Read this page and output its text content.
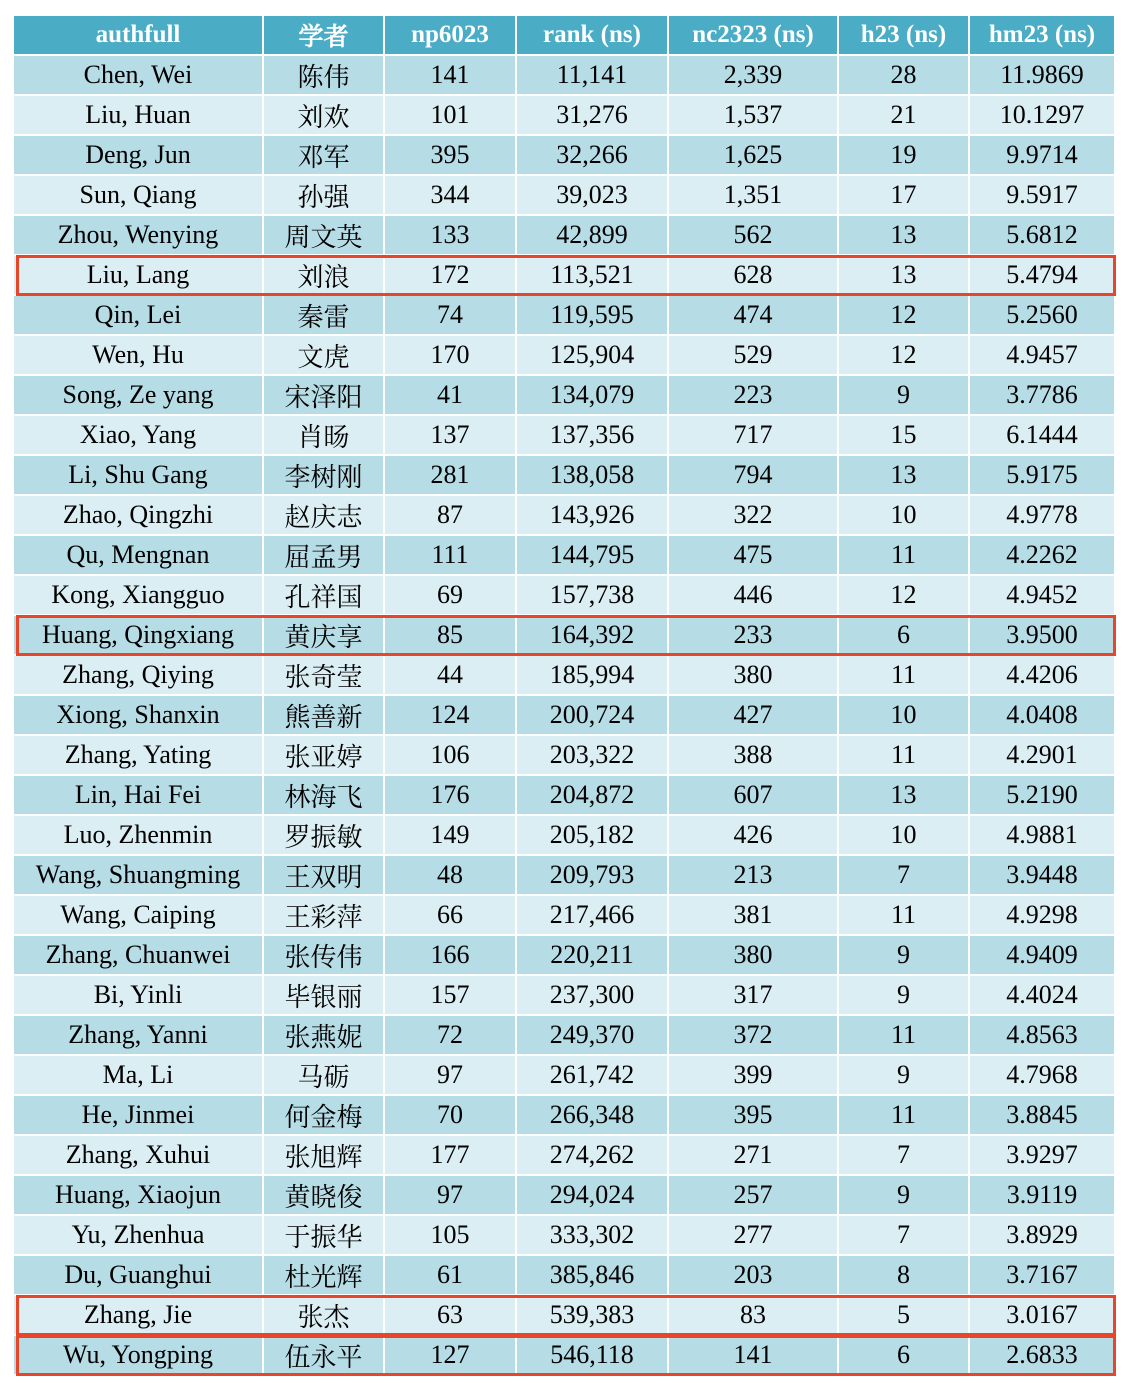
authfull	学者	np6023	rank (ns)	nc2323 (ns)	h23 (ns)	hm23 (ns)
Chen, Wei	陈伟	141	11,141	2,339	28	11.9869
Liu, Huan	刘欢	101	31,276	1,537	21	10.1297
Deng, Jun	邓军	395	32,266	1,625	19	9.9714
Sun, Qiang	孙强	344	39,023	1,351	17	9.5917
Zhou, Wenying	周文英	133	42,899	562	13	5.6812
Liu, Lang	刘浪	172	113,521	628	13	5.4794
Qin, Lei	秦雷	74	119,595	474	12	5.2560
Wen, Hu	文虎	170	125,904	529	12	4.9457
Song, Ze yang	宋泽阳	41	134,079	223	9	3.7786
Xiao, Yang	肖旸	137	137,356	717	15	6.1444
Li, Shu Gang	李树刚	281	138,058	794	13	5.9175
Zhao, Qingzhi	赵庆志	87	143,926	322	10	4.9778
Qu, Mengnan	屈孟男	111	144,795	475	11	4.2262
Kong, Xiangguo	孔祥国	69	157,738	446	12	4.9452
Huang, Qingxiang	黄庆享	85	164,392	233	6	3.9500
Zhang, Qiying	张奇莹	44	185,994	380	11	4.4206
Xiong, Shanxin	熊善新	124	200,724	427	10	4.0408
Zhang, Yating	张亚婷	106	203,322	388	11	4.2901
Lin, Hai Fei	林海飞	176	204,872	607	13	5.2190
Luo, Zhenmin	罗振敏	149	205,182	426	10	4.9881
Wang, Shuangming	王双明	48	209,793	213	7	3.9448
Wang, Caiping	王彩萍	66	217,466	381	11	4.9298
Zhang, Chuanwei	张传伟	166	220,211	380	9	4.9409
Bi, Yinli	毕银丽	157	237,300	317	9	4.4024
Zhang, Yanni	张燕妮	72	249,370	372	11	4.8563
Ma, Li	马砺	97	261,742	399	9	4.7968
He, Jinmei	何金梅	70	266,348	395	11	3.8845
Zhang, Xuhui	张旭辉	177	274,262	271	7	3.9297
Huang, Xiaojun	黄晓俊	97	294,024	257	9	3.9119
Yu, Zhenhua	于振华	105	333,302	277	7	3.8929
Du, Guanghui	杜光辉	61	385,846	203	8	3.7167
Zhang, Jie	张杰	63	539,383	83	5	3.0167
Wu, Yongping	伍永平	127	546,118	141	6	2.6833
